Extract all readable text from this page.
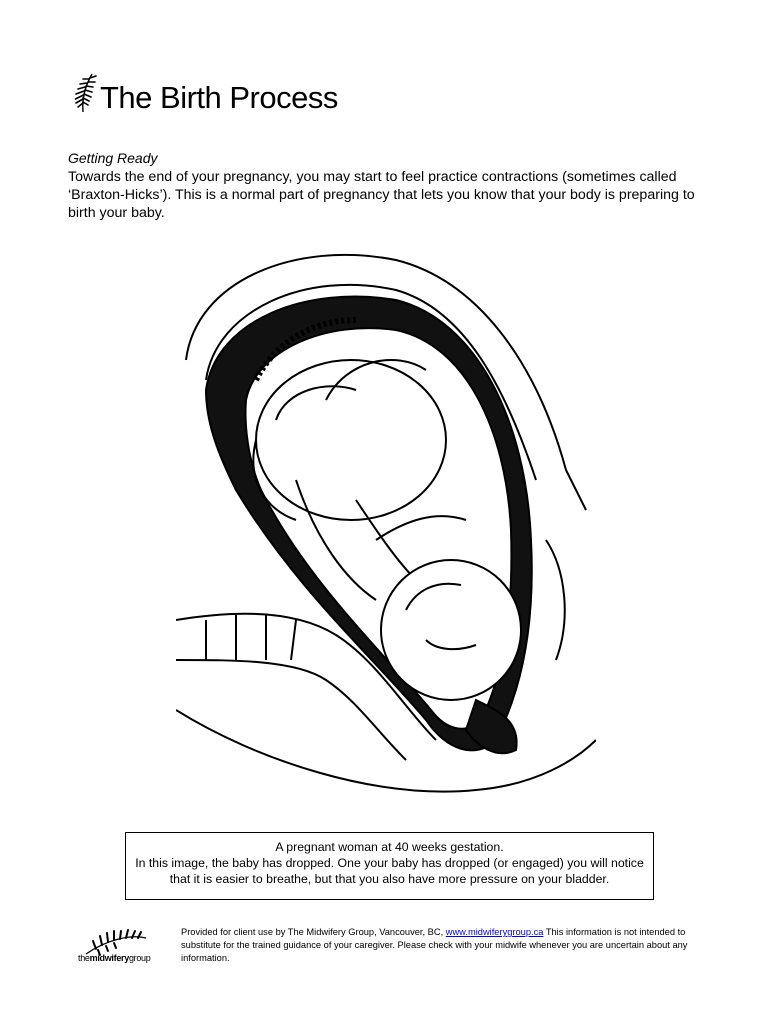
The Birth Process
Getting Ready
Towards the end of your pregnancy, you may start to feel practice contractions (sometimes called ‘Braxton-Hicks’). This is a normal part of pregnancy that lets you know that your body is preparing to birth your baby.
A pregnant woman at 40 weeks gestation.
In this image, the baby has dropped. One your baby has dropped (or engaged) you will notice that it is easier to breathe, but that you also have more pressure on your bladder.
themidwiferygroup
Provided for client use by The Midwifery Group, Vancouver, BC, www.midwiferygroup.ca This information is not intended to substitute for the trained guidance of your caregiver. Please check with your midwife whenever you are uncertain about any information.
